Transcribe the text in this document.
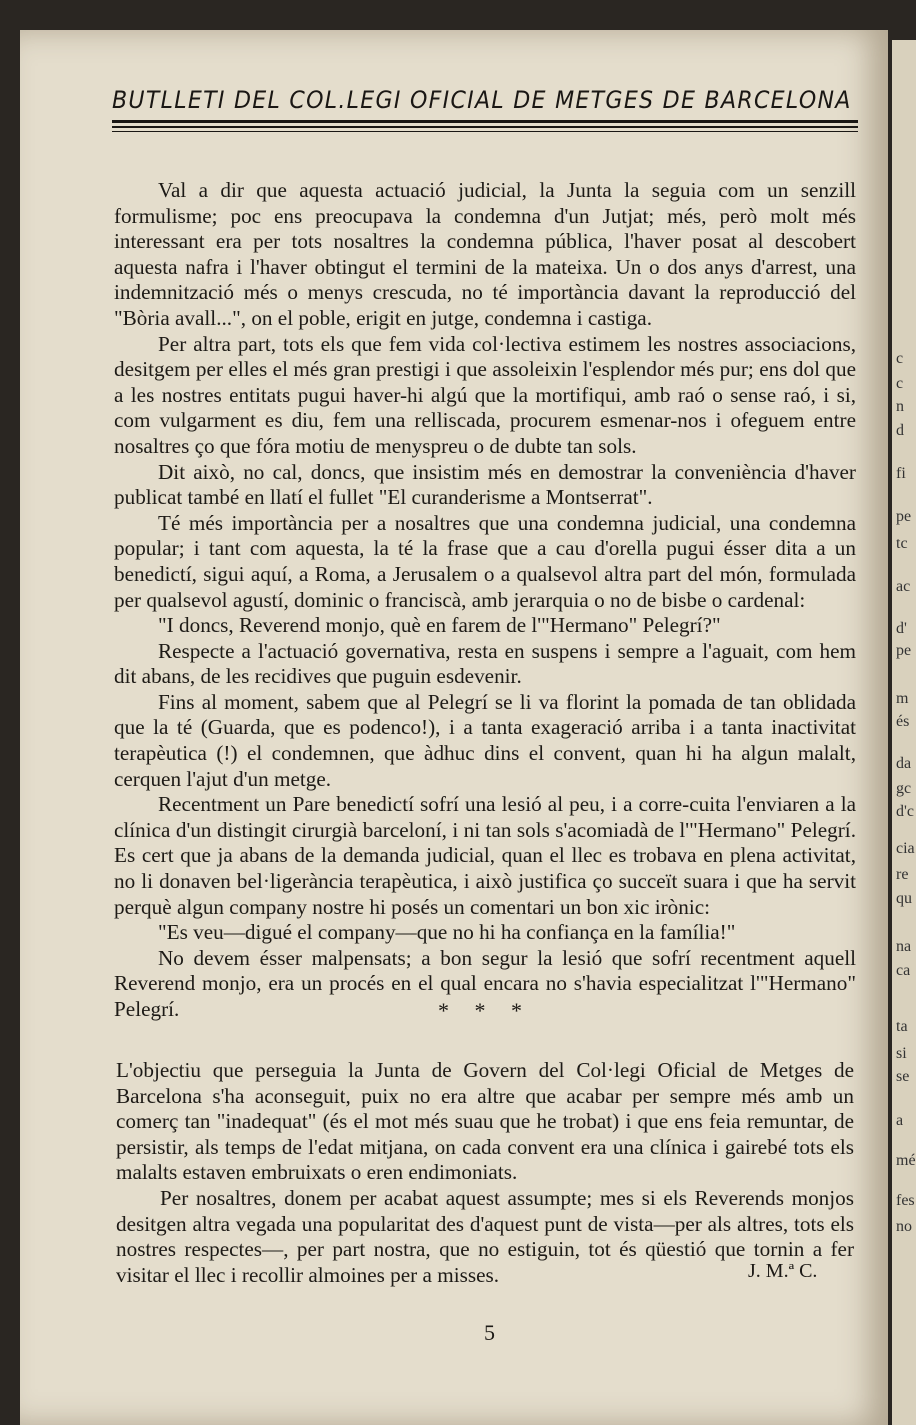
c
c
n
d
fi
pe
tc
ac
d'
pe
m
és
da
gc
d'c
cia
re
qu
na
ca
ta
si
se
a
mé
fes
no
BUTLLETI DEL COL.LEGI OFICIAL DE METGES DE BARCELONA

Val a dir que aquesta actuació judicial, la Junta la seguia com un senzill formulisme; poc ens preocupava la condemna d'un Jutjat; més, però molt més interessant era per tots nosaltres la condemna pública, l'haver posat al descobert aquesta nafra i l'haver obtingut el termini de la mateixa. Un o dos anys d'arrest, una indemnització més o menys crescuda, no té importància davant la reproducció del "Bòria avall...", on el poble, erigit en jutge, condemna i castiga.

Per altra part, tots els que fem vida col·lectiva estimem les nostres associacions, desitgem per elles el més gran prestigi i que assoleixin l'esplendor més pur; ens dol que a les nostres entitats pugui haver-hi algú que la mortifiqui, amb raó o sense raó, i si, com vulgarment es diu, fem una relliscada, procurem esmenar-nos i ofeguem entre nosaltres ço que fóra motiu de menyspreu o de dubte tan sols.

Dit això, no cal, doncs, que insistim més en demostrar la conveniència d'haver publicat també en llatí el fullet "El curanderisme a Montserrat".

Té més importància per a nosaltres que una condemna judicial, una condemna popular; i tant com aquesta, la té la frase que a cau d'orella pugui ésser dita a un benedictí, sigui aquí, a Roma, a Jerusalem o a qualsevol altra part del món, formulada per qualsevol agustí, dominic o franciscà, amb jerarquia o no de bisbe o cardenal:

"I doncs, Reverend monjo, què en farem de l'"Hermano" Pelegrí?"

Respecte a l'actuació governativa, resta en suspens i sempre a l'aguait, com hem dit abans, de les recidives que puguin esdevenir.

Fins al moment, sabem que al Pelegrí se li va florint la pomada de tan oblidada que la té (Guarda, que es podenco!), i a tanta exageració arriba i a tanta inactivitat terapèutica (!) el condemnen, que àdhuc dins el convent, quan hi ha algun malalt, cerquen l'ajut d'un metge.

Recentment un Pare benedictí sofrí una lesió al peu, i a corre-cuita l'enviaren a la clínica d'un distingit cirurgià barceloní, i ni tan sols s'acomiadà de l'"Hermano" Pelegrí. Es cert que ja abans de la demanda judicial, quan el llec es trobava en plena activitat, no li donaven bel·ligerància terapèutica, i això justifica ço succeït suara i que ha servit perquè algun company nostre hi posés un comentari un bon xic irònic:

"Es veu—digué el company—que no hi ha confiança en la família!"

No devem ésser malpensats; a bon segur la lesió que sofrí recentment aquell Reverend monjo, era un procés en el qual encara no s'havia especialitzat l'"Hermano" Pelegrí.	* * *

L'objectiu que perseguia la Junta de Govern del Col·legi Oficial de Metges de Barcelona s'ha aconseguit, puix no era altre que acabar per sempre més amb un comerç tan "inadequat" (és el mot més suau que he trobat) i que ens feia remuntar, de persistir, als temps de l'edat mitjana, on cada convent era una clínica i gairebé tots els malalts estaven embruixats o eren endimoniats.

Per nosaltres, donem per acabat aquest assumpte; mes si els Reverends monjos desitgen altra vegada una popularitat des d'aquest punt de vista—per als altres, tots els nostres respectes—, per part nostra, que no estiguin, tot és qüestió que tornin a fer visitar el llec i recollir almoines per a misses.	J. M.ª C.
5
